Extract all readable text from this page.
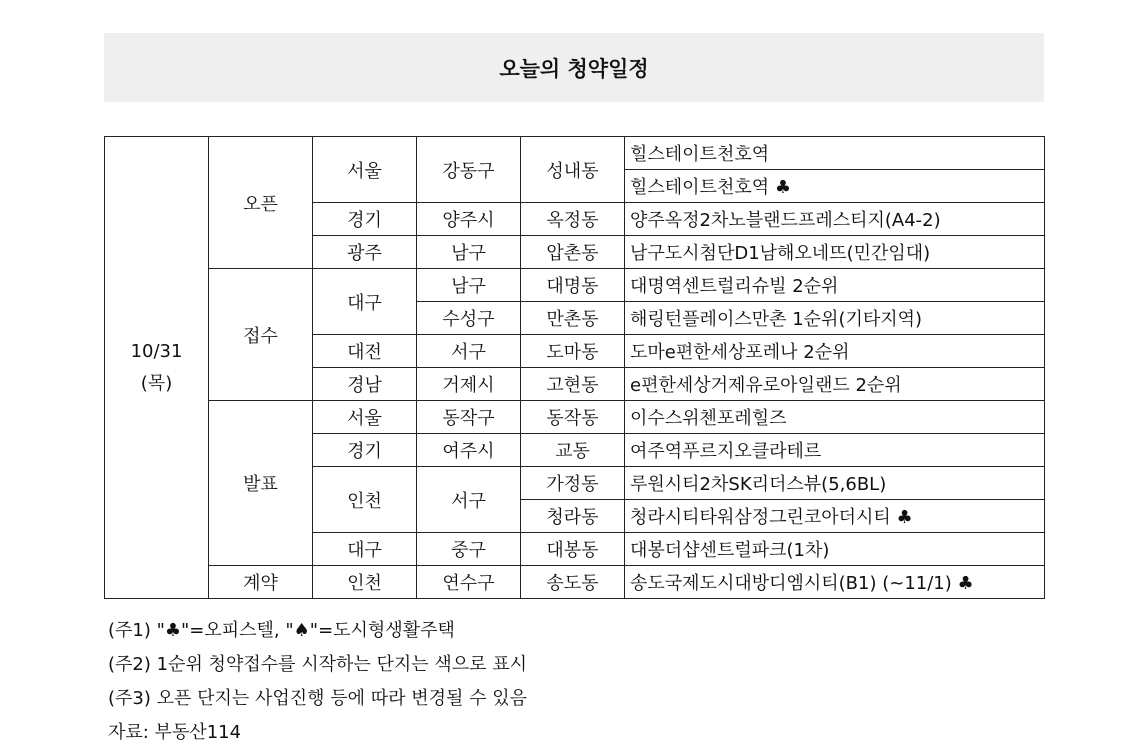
오늘의 청약일정
10/31
(목)	오픈	서울	강동구	성내동	힐스테이트천호역
					힐스테이트천호역 ♣
		경기	양주시	옥정동	양주옥정2차노블랜드프레스티지(A4-2)
		광주	남구	압촌동	남구도시첨단D1남해오네뜨(민간임대)
	접수	대구	남구	대명동	대명역센트럴리슈빌 2순위
			수성구	만촌동	해링턴플레이스만촌 1순위(기타지역)
		대전	서구	도마동	도마e편한세상포레나 2순위
		경남	거제시	고현동	e편한세상거제유로아일랜드 2순위
	발표	서울	동작구	동작동	이수스위첸포레힐즈
		경기	여주시	교동	여주역푸르지오클라테르
		인천	서구	가정동	루원시티2차SK리더스뷰(5,6BL)
				청라동	청라시티타워삼정그린코아더시티 ♣
		대구	중구	대봉동	대봉더샵센트럴파크(1차)
	계약	인천	연수구	송도동	송도국제도시대방디엠시티(B1) (~11/1) ♣
(주1) "♣"=오피스텔, "♠"=도시형생활주택
(주2) 1순위 청약접수를 시작하는 단지는 색으로 표시
(주3) 오픈 단지는 사업진행 등에 따라 변경될 수 있음
자료: 부동산114
